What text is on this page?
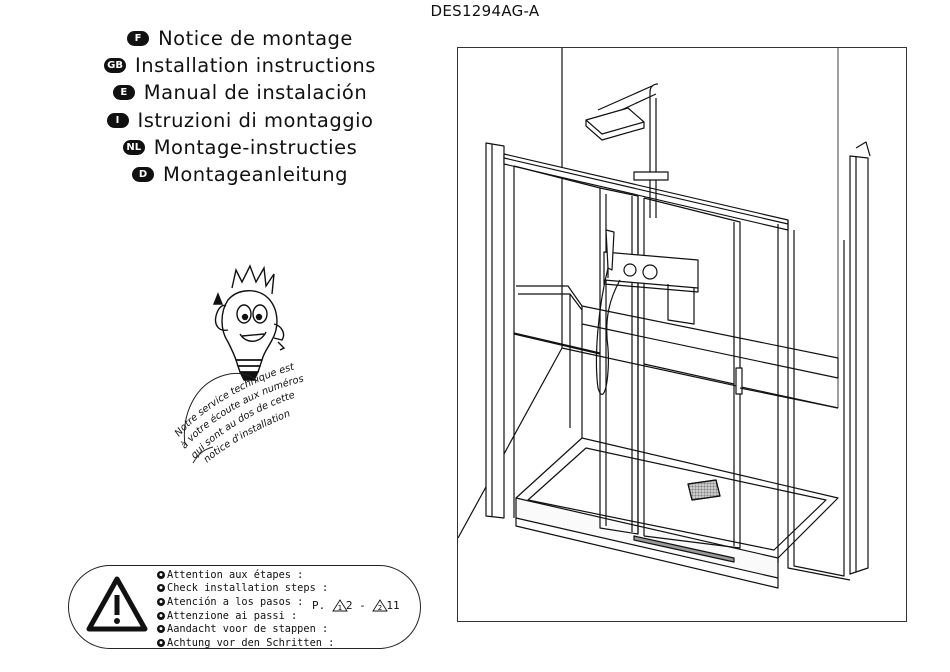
DES1294AG-A
F Notice de montage
GB Installation instructions
E Manual de instalación
I Istruzioni di montaggio
NL Montage-instructies
D Montageanleitung
Notre service technique est
à votre écoute aux numéros
qui sont au dos de cette
notice d'installation
● Attention aux étapes :
● Check installation steps :
● Atención a los pasos :
● Attenzione ai passi :
● Aandacht voor de stappen :
● Achtung vor den Schritten :
P.
1 2
-
2 11
